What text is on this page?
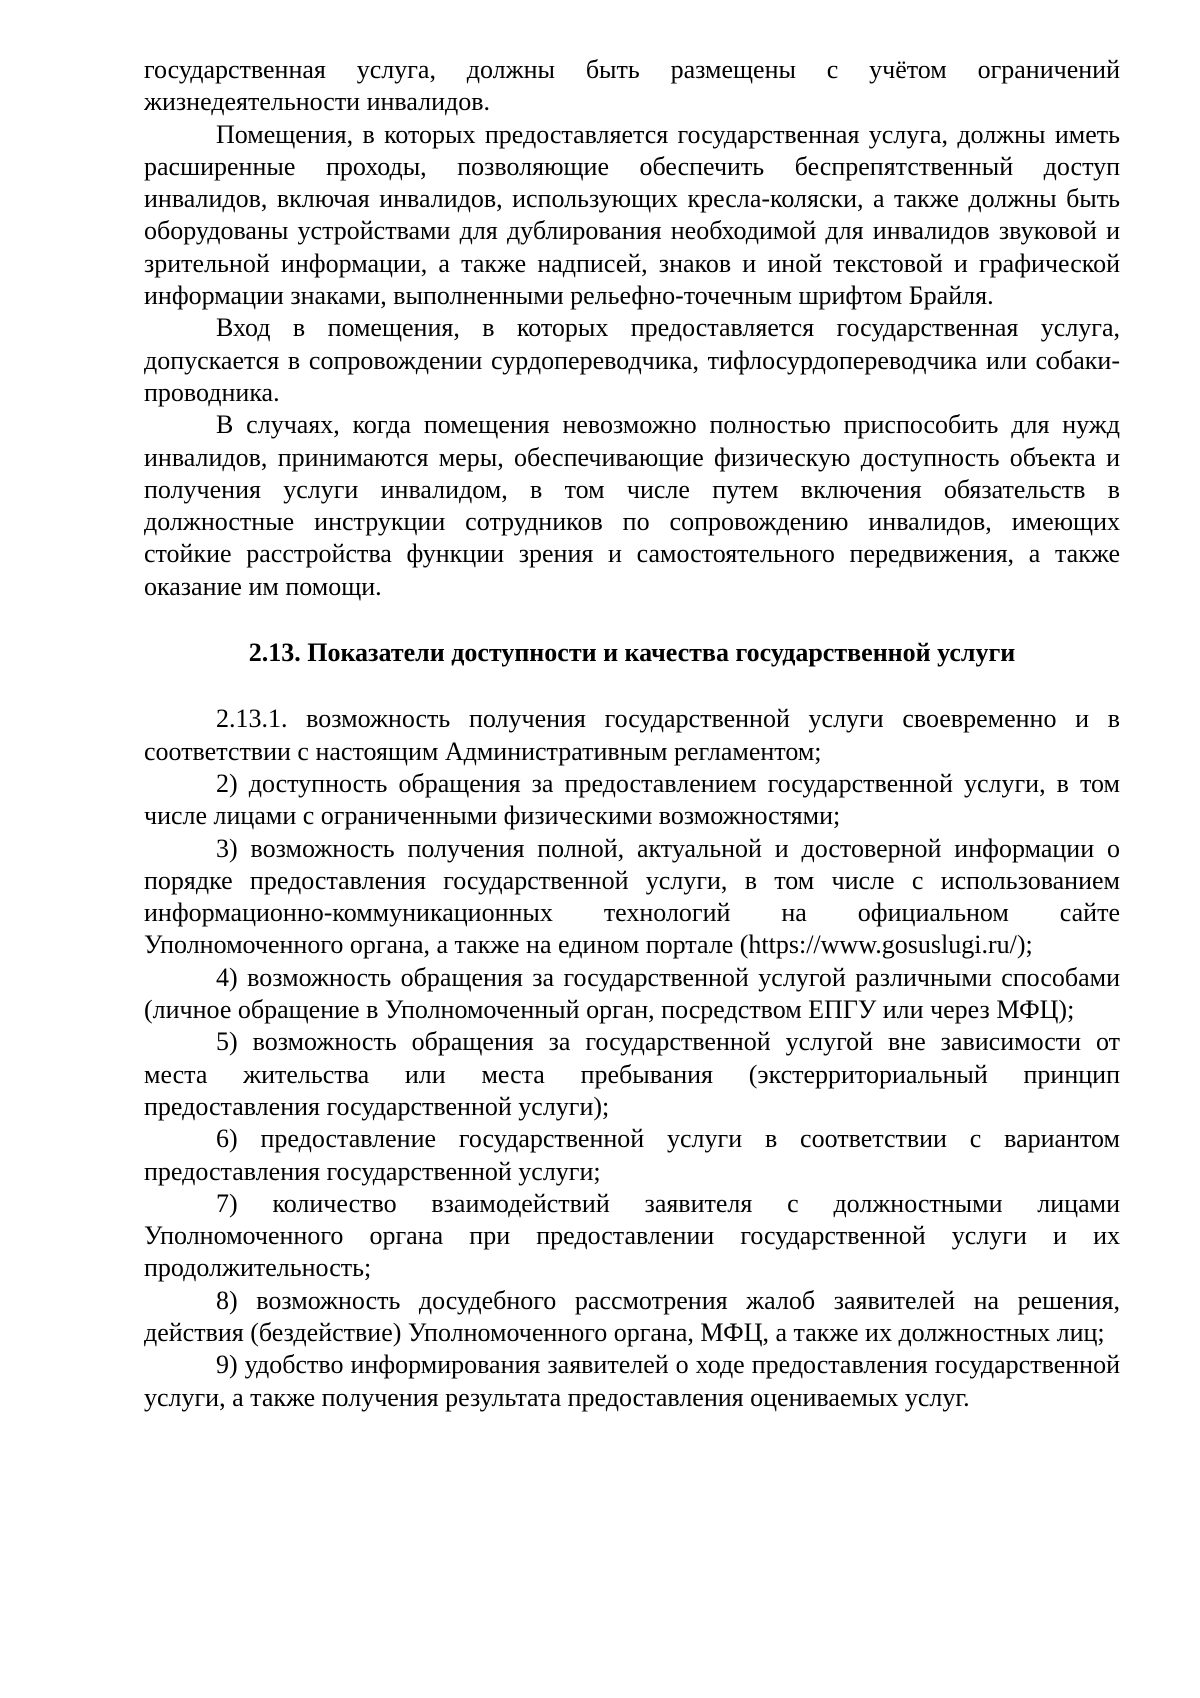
государственная услуга, должны быть размещены с учётом ограничений жизнедеятельности инвалидов.

Помещения, в которых предоставляется государственная услуга, должны иметь расширенные проходы, позволяющие обеспечить беспрепятственный доступ инвалидов, включая инвалидов, использующих кресла-коляски, а также должны быть оборудованы устройствами для дублирования необходимой для инвалидов звуковой и зрительной информации, а также надписей, знаков и иной текстовой и графической информации знаками, выполненными рельефно-точечным шрифтом Брайля.

Вход в помещения, в которых предоставляется государственная услуга, допускается в сопровождении сурдопереводчика, тифлосурдопереводчика или собаки-проводника.

В случаях, когда помещения невозможно полностью приспособить для нужд инвалидов, принимаются меры, обеспечивающие физическую доступность объекта и получения услуги инвалидом, в том числе путем включения обязательств в должностные инструкции сотрудников по сопровождению инвалидов, имеющих стойкие расстройства функции зрения и самостоятельного передвижения, а также оказание им помощи.

2.13. Показатели доступности и качества государственной услуги

2.13.1. возможность получения государственной услуги своевременно и в соответствии с настоящим Административным регламентом;

2) доступность обращения за предоставлением государственной услуги, в том числе лицами с ограниченными физическими возможностями;

3) возможность получения полной, актуальной и достоверной информации о порядке предоставления государственной услуги, в том числе с использованием информационно-коммуникационных технологий на официальном сайте Уполномоченного органа, а также на едином портале (https://www.gosuslugi.ru/);

4) возможность обращения за государственной услугой различными способами (личное обращение в Уполномоченный орган, посредством ЕПГУ или через МФЦ);

5) возможность обращения за государственной услугой вне зависимости от места жительства или места пребывания (экстерриториальный принцип предоставления государственной услуги);

6) предоставление государственной услуги в соответствии с вариантом предоставления государственной услуги;

7) количество взаимодействий заявителя с должностными лицами Уполномоченного органа при предоставлении государственной услуги и их продолжительность;

8) возможность досудебного рассмотрения жалоб заявителей на решения, действия (бездействие) Уполномоченного органа, МФЦ, а также их должностных лиц;

9) удобство информирования заявителей о ходе предоставления государственной услуги, а также получения результата предоставления оцениваемых услуг.
